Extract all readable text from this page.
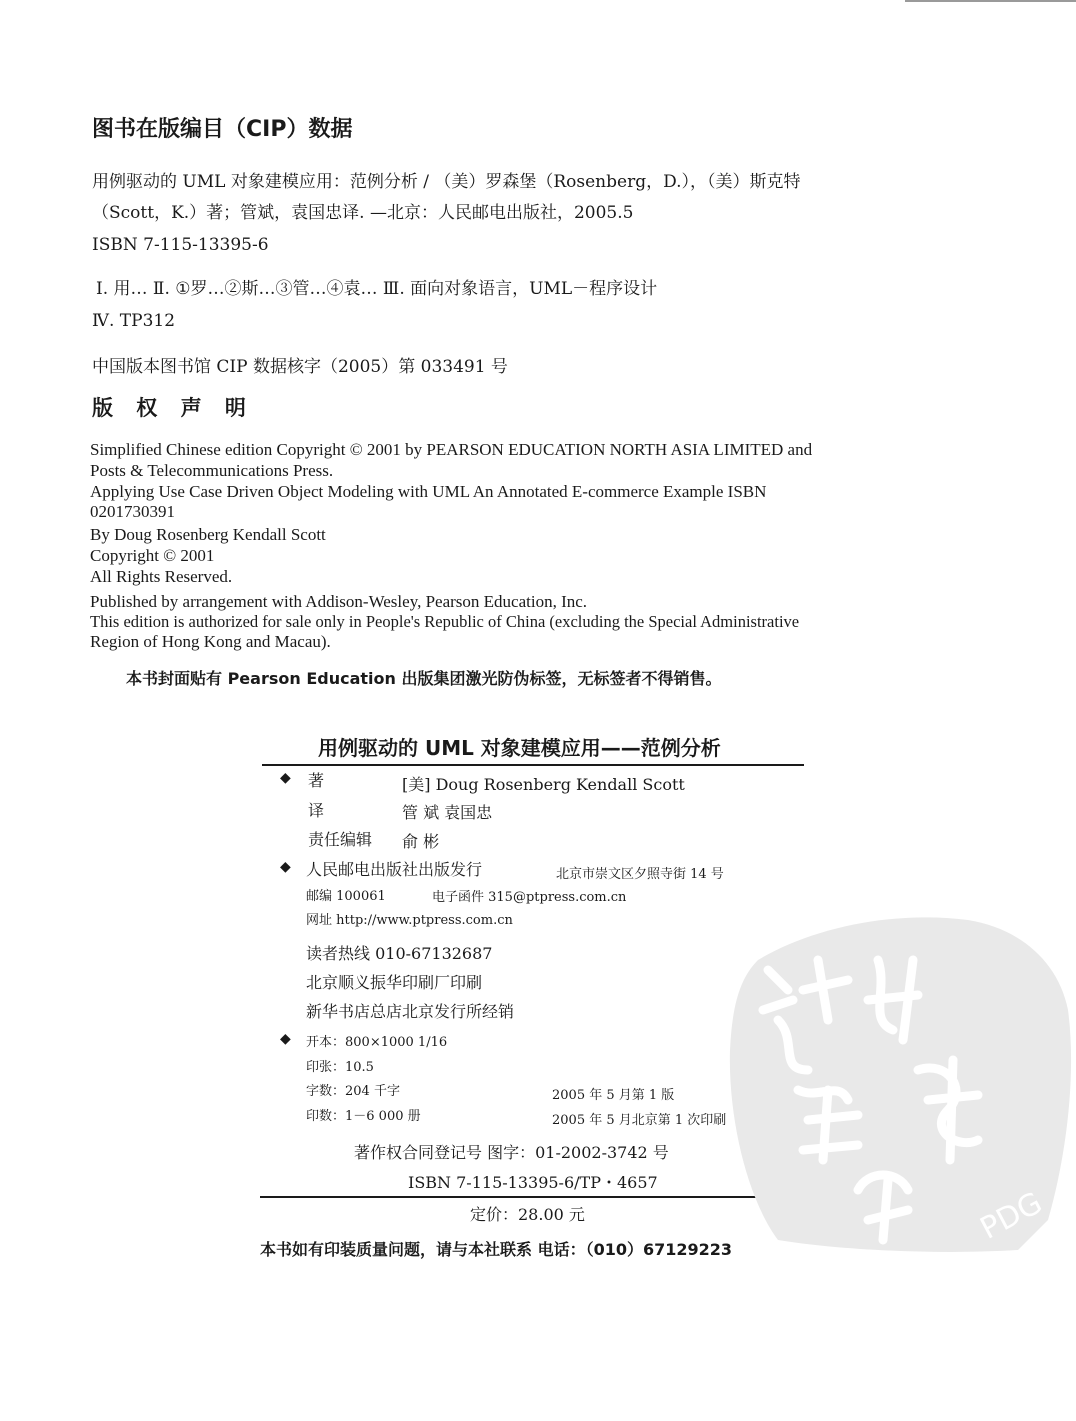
图书在版编目（CIP）数据
用例驱动的 UML 对象建模应用：范例分析 / （美）罗森堡（Rosenberg，D.），（美）斯克特
（Scott，K.）著；管斌，袁国忠译. —北京：人民邮电出版社，2005.5
ISBN 7-115-13395-6
Ⅰ. 用… Ⅱ. ①罗…②斯…③管…④袁… Ⅲ. 面向对象语言，UML－程序设计
Ⅳ. TP312
中国版本图书馆 CIP 数据核字（2005）第 033491 号
版 权 声 明
Simplified Chinese edition Copyright © 2001 by PEARSON EDUCATION NORTH ASIA LIMITED and
Posts & Telecommunications Press.
Applying Use Case Driven Object Modeling with UML An Annotated E-commerce Example ISBN
0201730391
By Doug Rosenberg Kendall Scott
Copyright © 2001
All Rights Reserved.
Published by arrangement with Addison-Wesley, Pearson Education, Inc.
This edition is authorized for sale only in People's Republic of China (excluding the Special Administrative
Region of Hong Kong and Macau).
本书封面贴有 Pearson Education 出版集团激光防伪标签，无标签者不得销售。
用例驱动的 UML 对象建模应用——范例分析
◆ 著	[美] Doug Rosenberg Kendall Scott
译	管 斌 袁国忠
责任编辑 俞 彬
◆ 人民邮电出版社出版发行	北京市崇文区夕照寺街 14 号
邮编 100061	电子函件 315@ptpress.com.cn
网址 http://www.ptpress.com.cn
读者热线 010-67132687
北京顺义振华印刷厂印刷
新华书店总店北京发行所经销
◆ 开本：800×1000 1/16
印张：10.5
字数：204 千字	2005 年 5 月第 1 版
印数：1－6 000 册	2005 年 5 月北京第 1 次印刷
著作权合同登记号 图字：01-2002-3742 号
ISBN 7-115-13395-6/TP・4657
定价：28.00 元
本书如有印装质量问题，请与本社联系 电话：（010）67129223
PDG
